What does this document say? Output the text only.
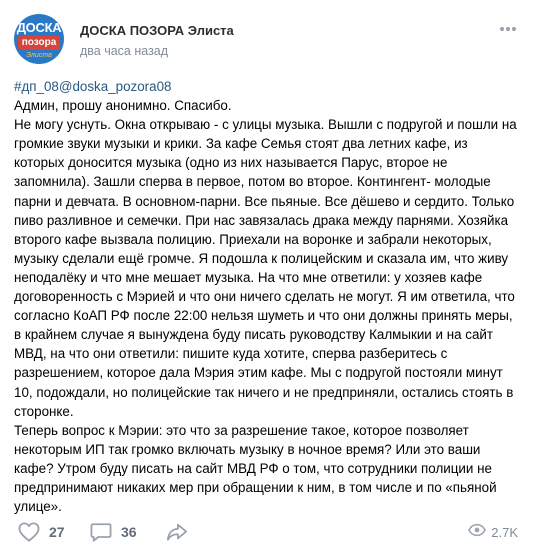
ДОСКА
позора
Элиста
ДОСКА ПОЗОРА Элиста
два часа назад

#дп_08@doska_pozora08

Админ, прошу анонимно. Спасибо.

Не могу уснуть. Окна открываю - с улицы музыка. Вышли с подругой и пошли на громкие звуки музыки и крики. За кафе Семья стоят два летних кафе, из которых доносится музыка (одно из них называется Парус, второе не запомнила). Зашли сперва в первое, потом во второе. Контингент- молодые парни и девчата. В основном-парни. Все пьяные. Все дёшево и сердито. Только пиво разливное и семечки. При нас завязалась драка между парнями. Хозяйка второго кафе вызвала полицию. Приехали на воронке и забрали некоторых, музыку сделали ещё громче. Я подошла к полицейским и сказала им, что живу неподалёку и что мне мешает музыка. На что мне ответили: у хозяев кафе договоренность с Мэрией и что они ничего сделать не могут. Я им ответила, что согласно КоАП РФ после 22:00 нельзя шуметь и что они должны принять меры, в крайнем случае я вынуждена буду писать руководству Калмыкии и на сайт МВД, на что они ответили: пишите куда хотите, сперва разберитесь с разрешением, которое дала Мэрия этим кафе. Мы с подругой постояли минут 10, подождали, но полицейские так ничего и не предприняли, остались стоять в сторонке.

Теперь вопрос к Мэрии: это что за разрешение такое, которое позволяет некоторым ИП так громко включать музыку в ночное время? Или это ваши кафе? Утром буду писать на сайт МВД РФ о том, что сотрудники полиции не предпринимают никаких мер при обращении к ним, в том числе и по «пьяной улице».

27	36	2.7K
